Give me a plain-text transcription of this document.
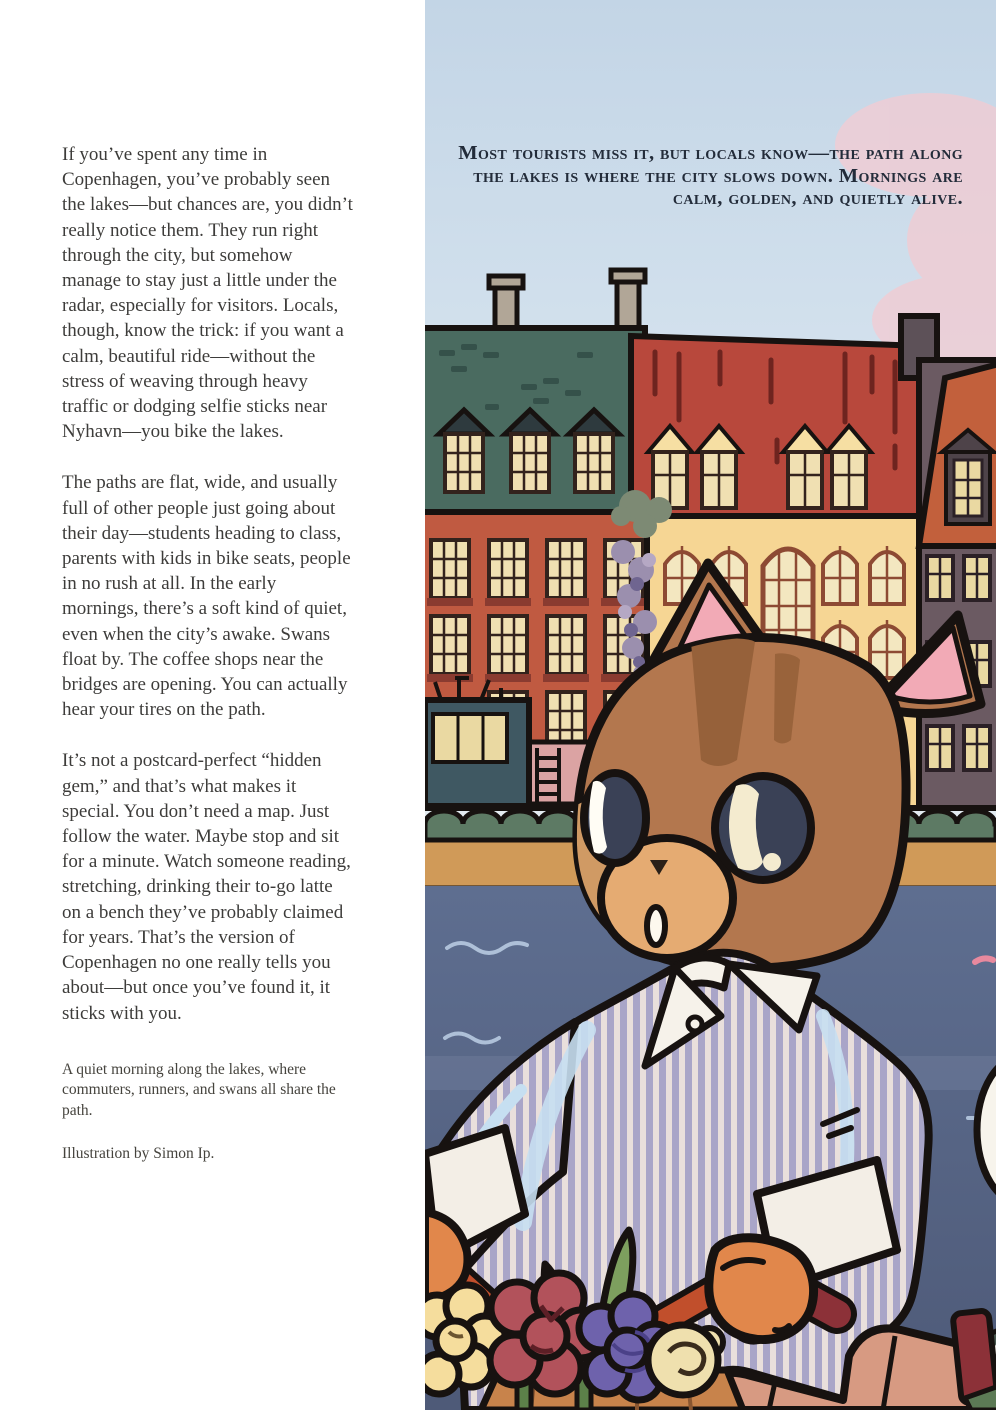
If you’ve spent any time in Copenhagen, you’ve probably seen the lakes—but chances are, you didn’t really notice them. They run right through the city, but somehow manage to stay just a little under the radar, especially for visitors. Locals, though, know the trick: if you want a calm, beautiful ride—without the stress of weaving through heavy traffic or dodging selfie sticks near Nyhavn—you bike the lakes.

The paths are flat, wide, and usually full of other people just going about their day—students heading to class, parents with kids in bike seats, people in no rush at all. In the early mornings, there’s a soft kind of quiet, even when the city’s awake. Swans float by. The coffee shops near the bridges are opening. You can actually hear your tires on the path.

It’s not a postcard-perfect “hidden gem,” and that’s what makes it special. You don’t need a map. Just follow the water. Maybe stop and sit for a minute. Watch someone reading, stretching, drinking their to-go latte on a bench they’ve probably claimed for years. That’s the version of Copenhagen no one really tells you about—but once you’ve found it, it sticks with you.

A quiet morning along the lakes, where commuters, runners, and swans all share the path.

Illustration by Simon Ip.

Most tourists miss it, but locals know—the path along the lakes is where the city slows down. Mornings are calm, golden, and quietly alive.
